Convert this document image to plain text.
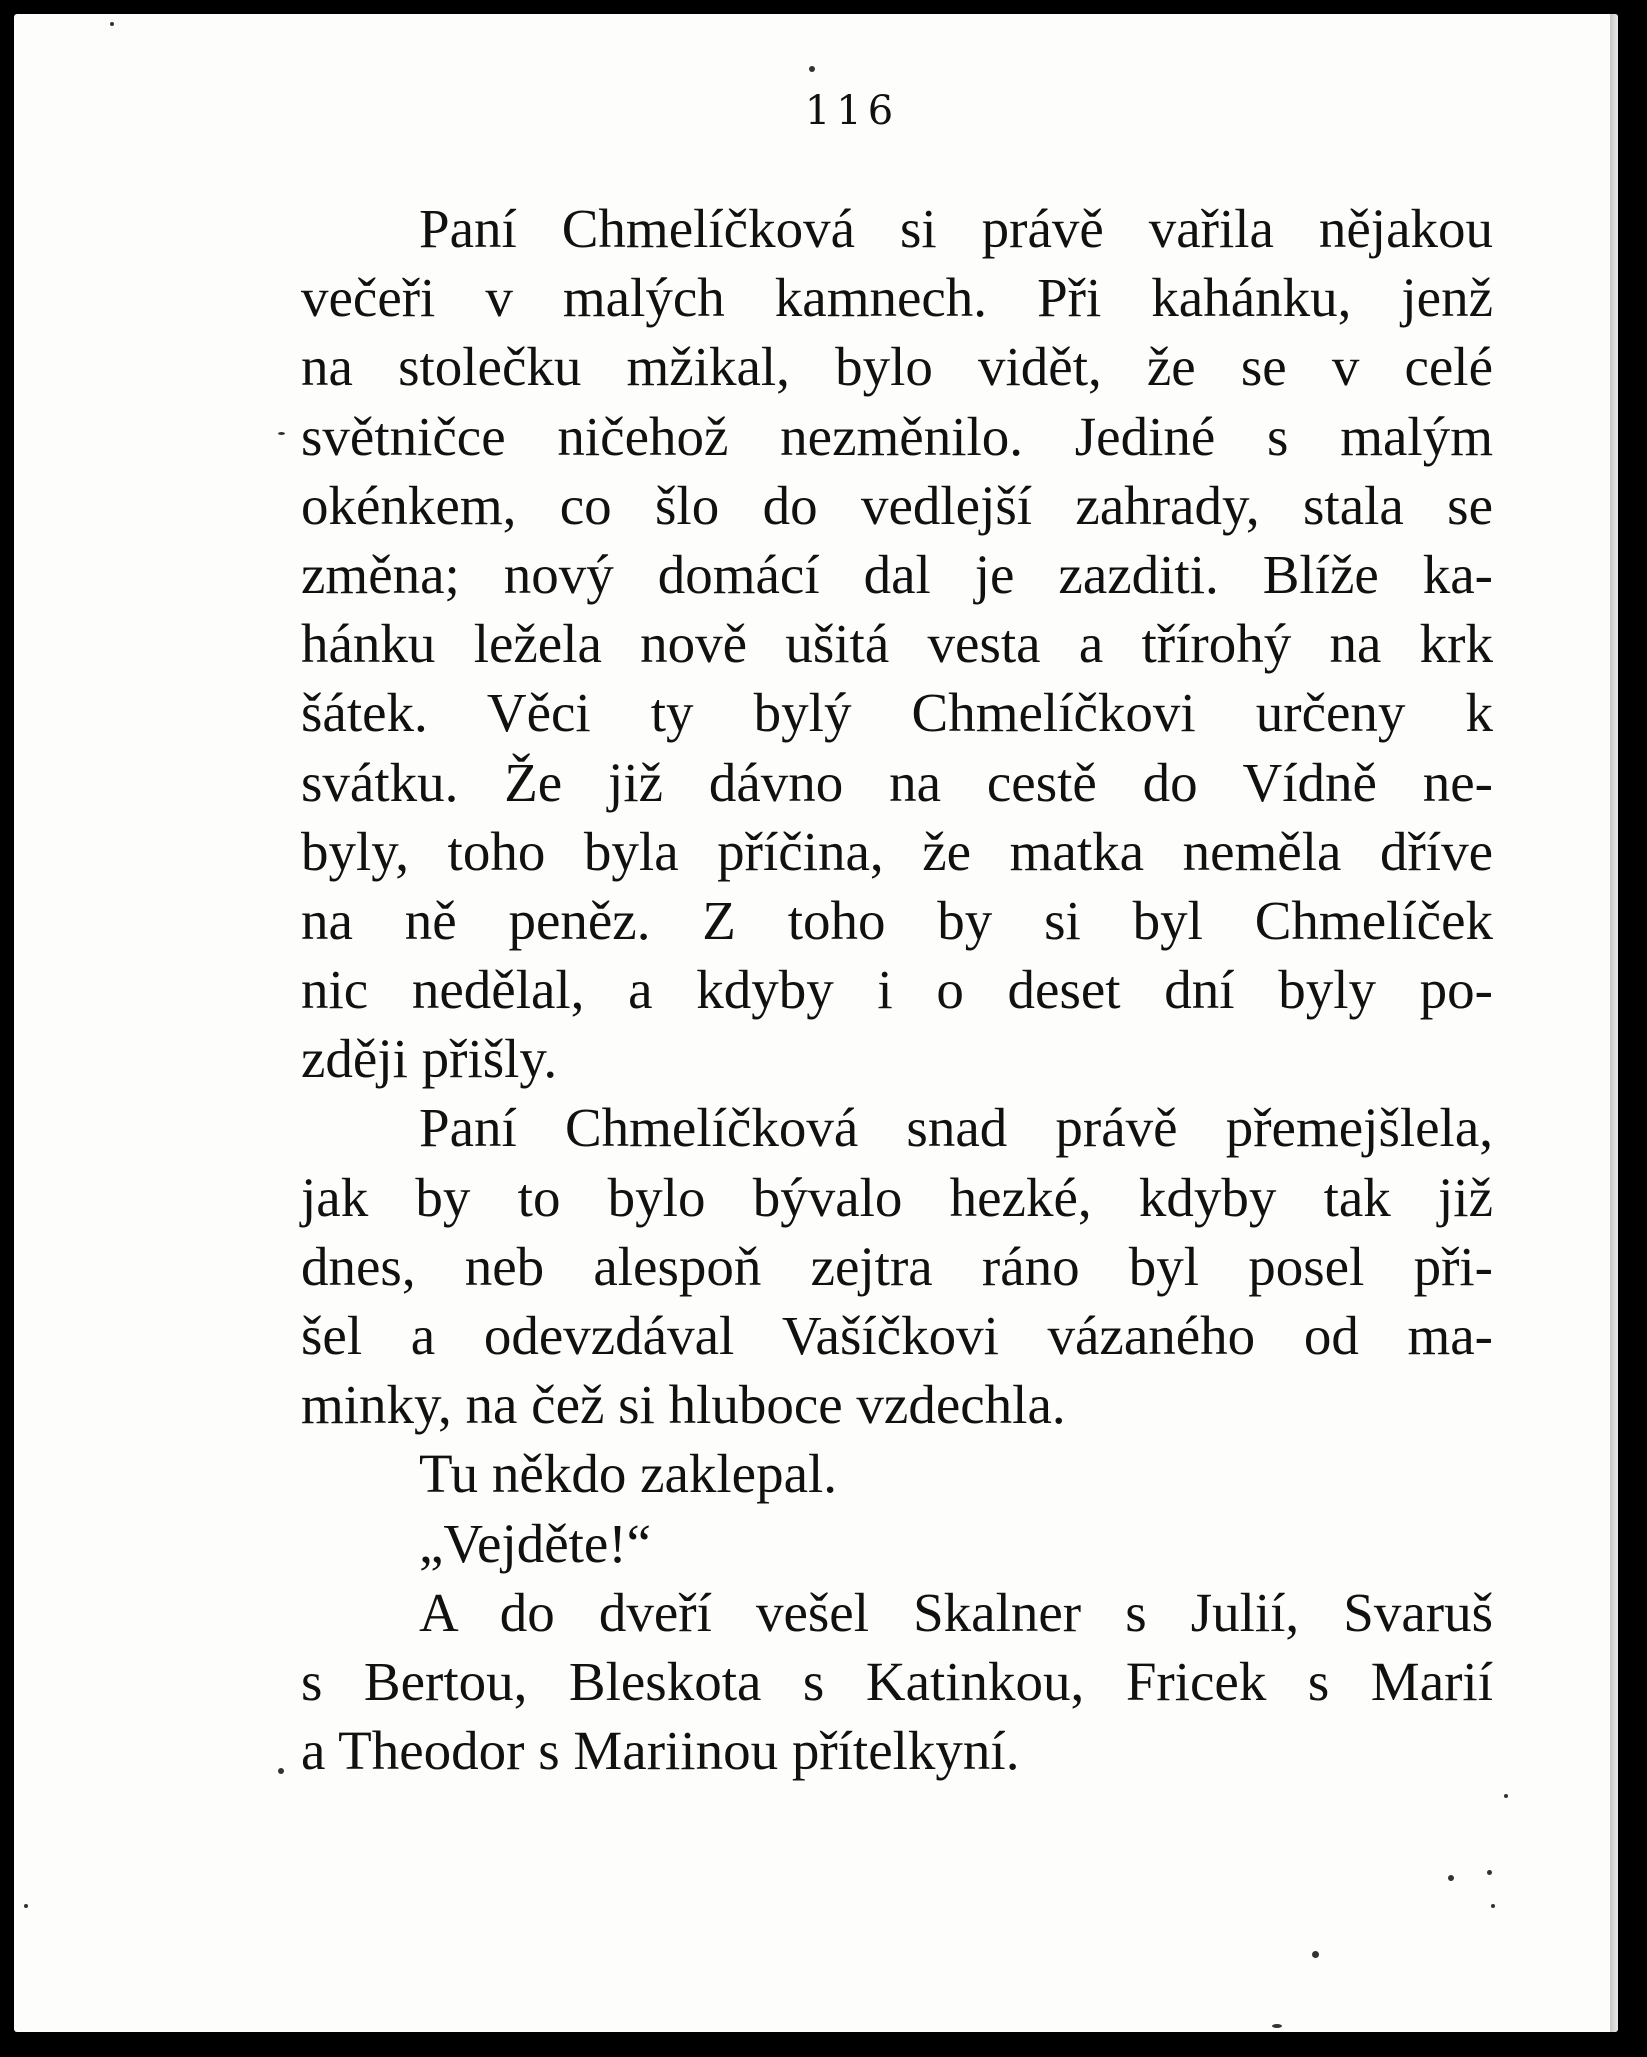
116
Paní Chmelíčková si právě vařila nějakou
večeři v malých kamnech. Při kahánku, jenž
na stolečku mžikal, bylo vidět, že se v celé
světničce ničehož nezměnilo. Jediné s malým
okénkem, co šlo do vedlejší zahrady, stala se
změna; nový domácí dal je zazditi. Blíže ka-
hánku ležela nově ušitá vesta a třírohý na krk
šátek. Věci ty bylý Chmelíčkovi určeny k
svátku. Že již dávno na cestě do Vídně ne-
byly, toho byla příčina, že matka neměla dříve
na ně peněz. Z toho by si byl Chmelíček
nic nedělal, a kdyby i o deset dní byly po-
zději přišly.
Paní Chmelíčková snad právě přemejšlela,
jak by to bylo bývalo hezké, kdyby tak již
dnes, neb alespoň zejtra ráno byl posel při-
šel a odevzdával Vašíčkovi vázaného od ma-
minky, na čež si hluboce vzdechla.
Tu někdo zaklepal.
„Vejděte!“
A do dveří vešel Skalner s Julií, Svaruš
s Bertou, Bleskota s Katinkou, Fricek s Marií
a Theodor s Mariinou přítelkyní.
